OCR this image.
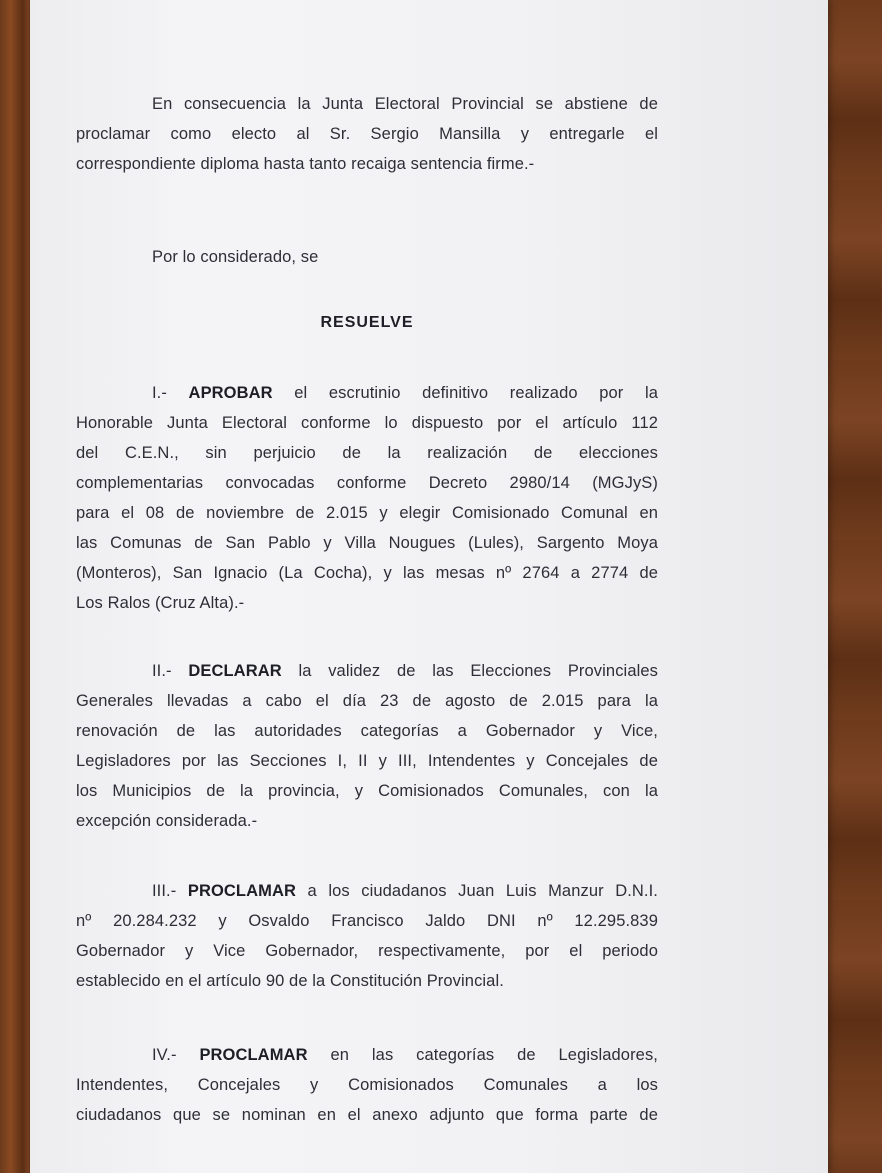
En consecuencia la Junta Electoral Provincial se abstiene de
proclamar como electo al Sr. Sergio Mansilla y entregarle el
correspondiente diploma hasta tanto recaiga sentencia firme.-
Por lo considerado, se
RESUELVE
I.- APROBAR el escrutinio definitivo realizado por la
Honorable Junta Electoral conforme lo dispuesto por el artículo 112
del C.E.N., sin perjuicio de la realización de elecciones
complementarias convocadas conforme Decreto 2980/14 (MGJyS)
para el 08 de noviembre de 2.015 y elegir Comisionado Comunal en
las Comunas de San Pablo y Villa Nougues (Lules), Sargento Moya
(Monteros), San Ignacio (La Cocha), y las mesas nº 2764 a 2774 de
Los Ralos (Cruz Alta).-
II.- DECLARAR la validez de las Elecciones Provinciales
Generales llevadas a cabo el día 23 de agosto de 2.015 para la
renovación de las autoridades categorías a Gobernador y Vice,
Legisladores por las Secciones I, II y III, Intendentes y Concejales de
los Municipios de la provincia, y Comisionados Comunales, con la
excepción considerada.-
III.- PROCLAMAR a los ciudadanos Juan Luis Manzur D.N.I.
nº 20.284.232 y Osvaldo Francisco Jaldo DNI nº 12.295.839
Gobernador y Vice Gobernador, respectivamente, por el periodo
establecido en el artículo 90 de la Constitución Provincial.
IV.- PROCLAMAR en las categorías de Legisladores,
Intendentes, Concejales y Comisionados Comunales a los
ciudadanos que se nominan en el anexo adjunto que forma parte de
